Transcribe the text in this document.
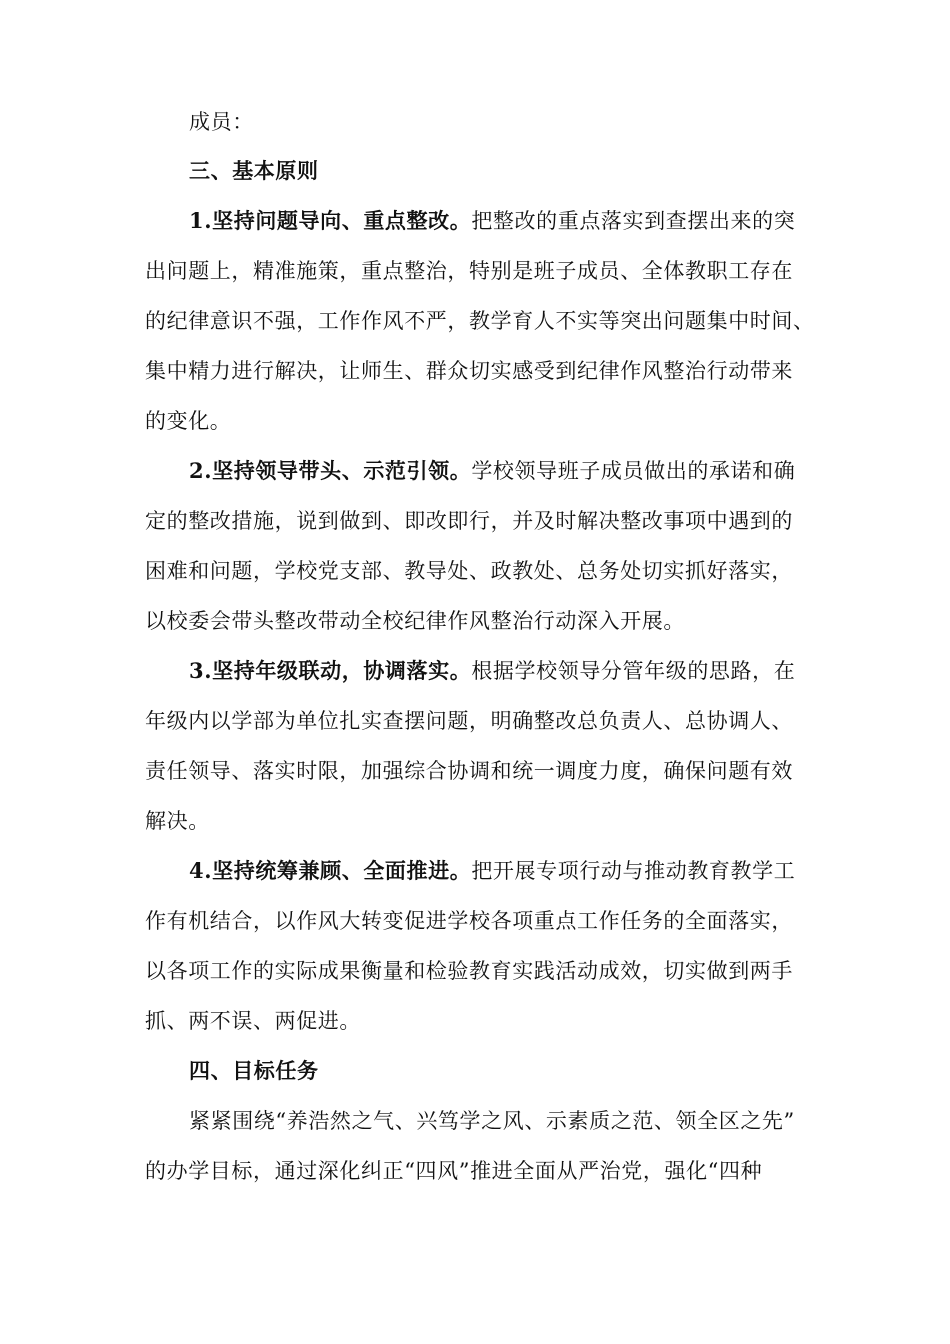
成员：
三、基本原则
1.坚持问题导向、重点整改。把整改的重点落实到查摆出来的突
出问题上，精准施策，重点整治，特别是班子成员、全体教职工存在
的纪律意识不强，工作作风不严，教学育人不实等突出问题集中时间、
集中精力进行解决，让师生、群众切实感受到纪律作风整治行动带来
的变化。
2.坚持领导带头、示范引领。学校领导班子成员做出的承诺和确
定的整改措施，说到做到、即改即行，并及时解决整改事项中遇到的
困难和问题，学校党支部、教导处、政教处、总务处切实抓好落实，
以校委会带头整改带动全校纪律作风整治行动深入开展。
3.坚持年级联动，协调落实。根据学校领导分管年级的思路，在
年级内以学部为单位扎实查摆问题，明确整改总负责人、总协调人、
责任领导、落实时限，加强综合协调和统一调度力度，确保问题有效
解决。
4.坚持统筹兼顾、全面推进。把开展专项行动与推动教育教学工
作有机结合，以作风大转变促进学校各项重点工作任务的全面落实，
以各项工作的实际成果衡量和检验教育实践活动成效，切实做到两手
抓、两不误、两促进。
四、目标任务
紧紧围绕“养浩然之气、兴笃学之风、示素质之范、领全区之先”
的办学目标，通过深化纠正“四风”推进全面从严治党，强化“四种
